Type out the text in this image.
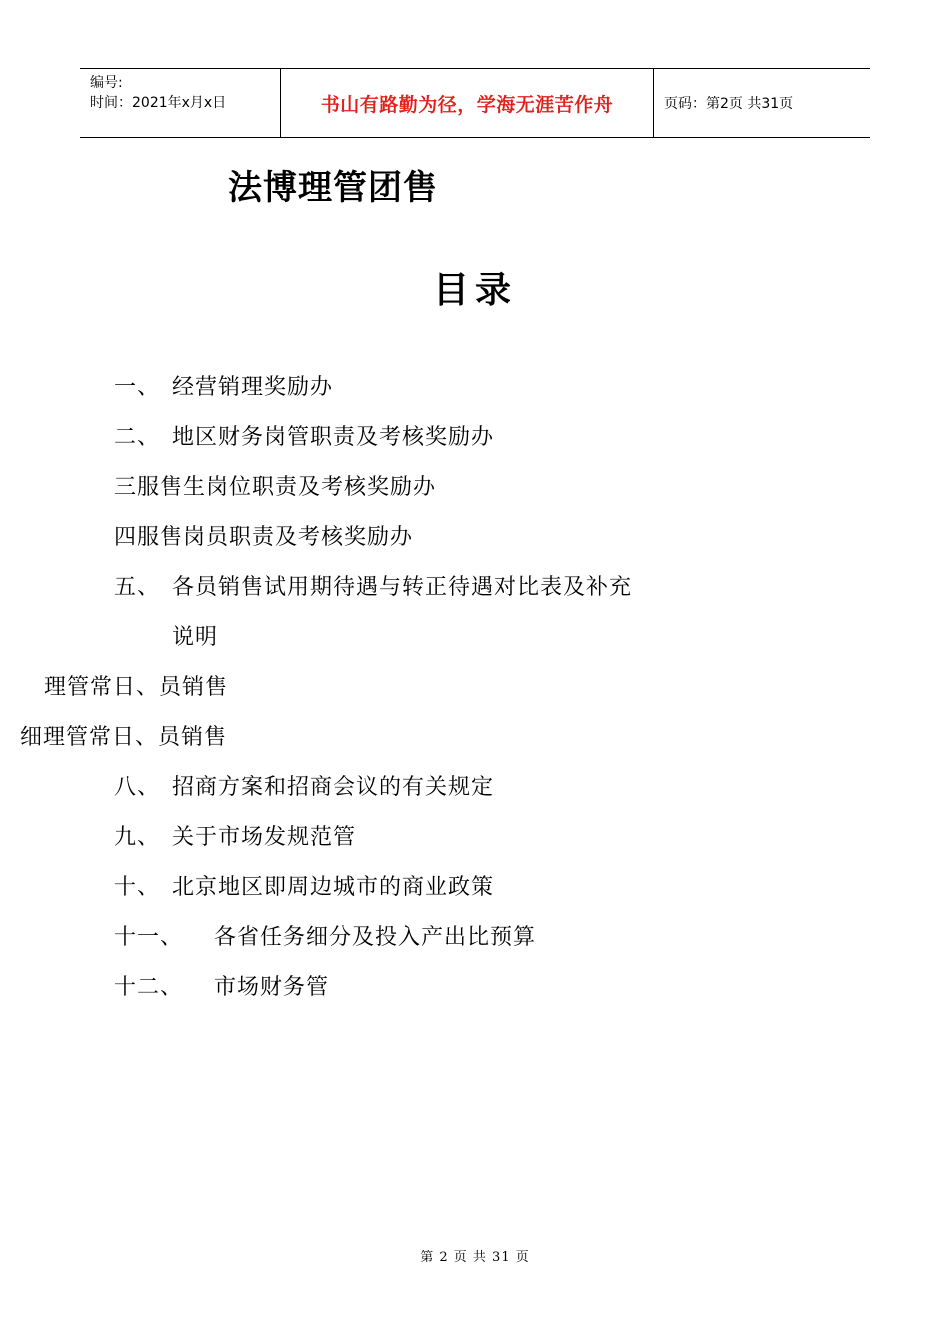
编号:
时间：2021年x月x日	书山有路勤为径，学海无涯苦作舟	页码：第2页 共31页
法博理管团售
目录
一、 经营销理奖励办
二、 地区财务岗管职责及考核奖励办
三服售生岗位职责及考核奖励办
四服售岗员职责及考核奖励办
五、 各员销售试用期待遇与转正待遇对比表及补充
说明
理管常日、员销售
细理管常日、员销售
八、 招商方案和招商会议的有关规定
九、 关于市场发规范管
十、 北京地区即周边城市的商业政策
十一、 各省任务细分及投入产出比预算
十二、 市场财务管
第 2 页 共 31 页
